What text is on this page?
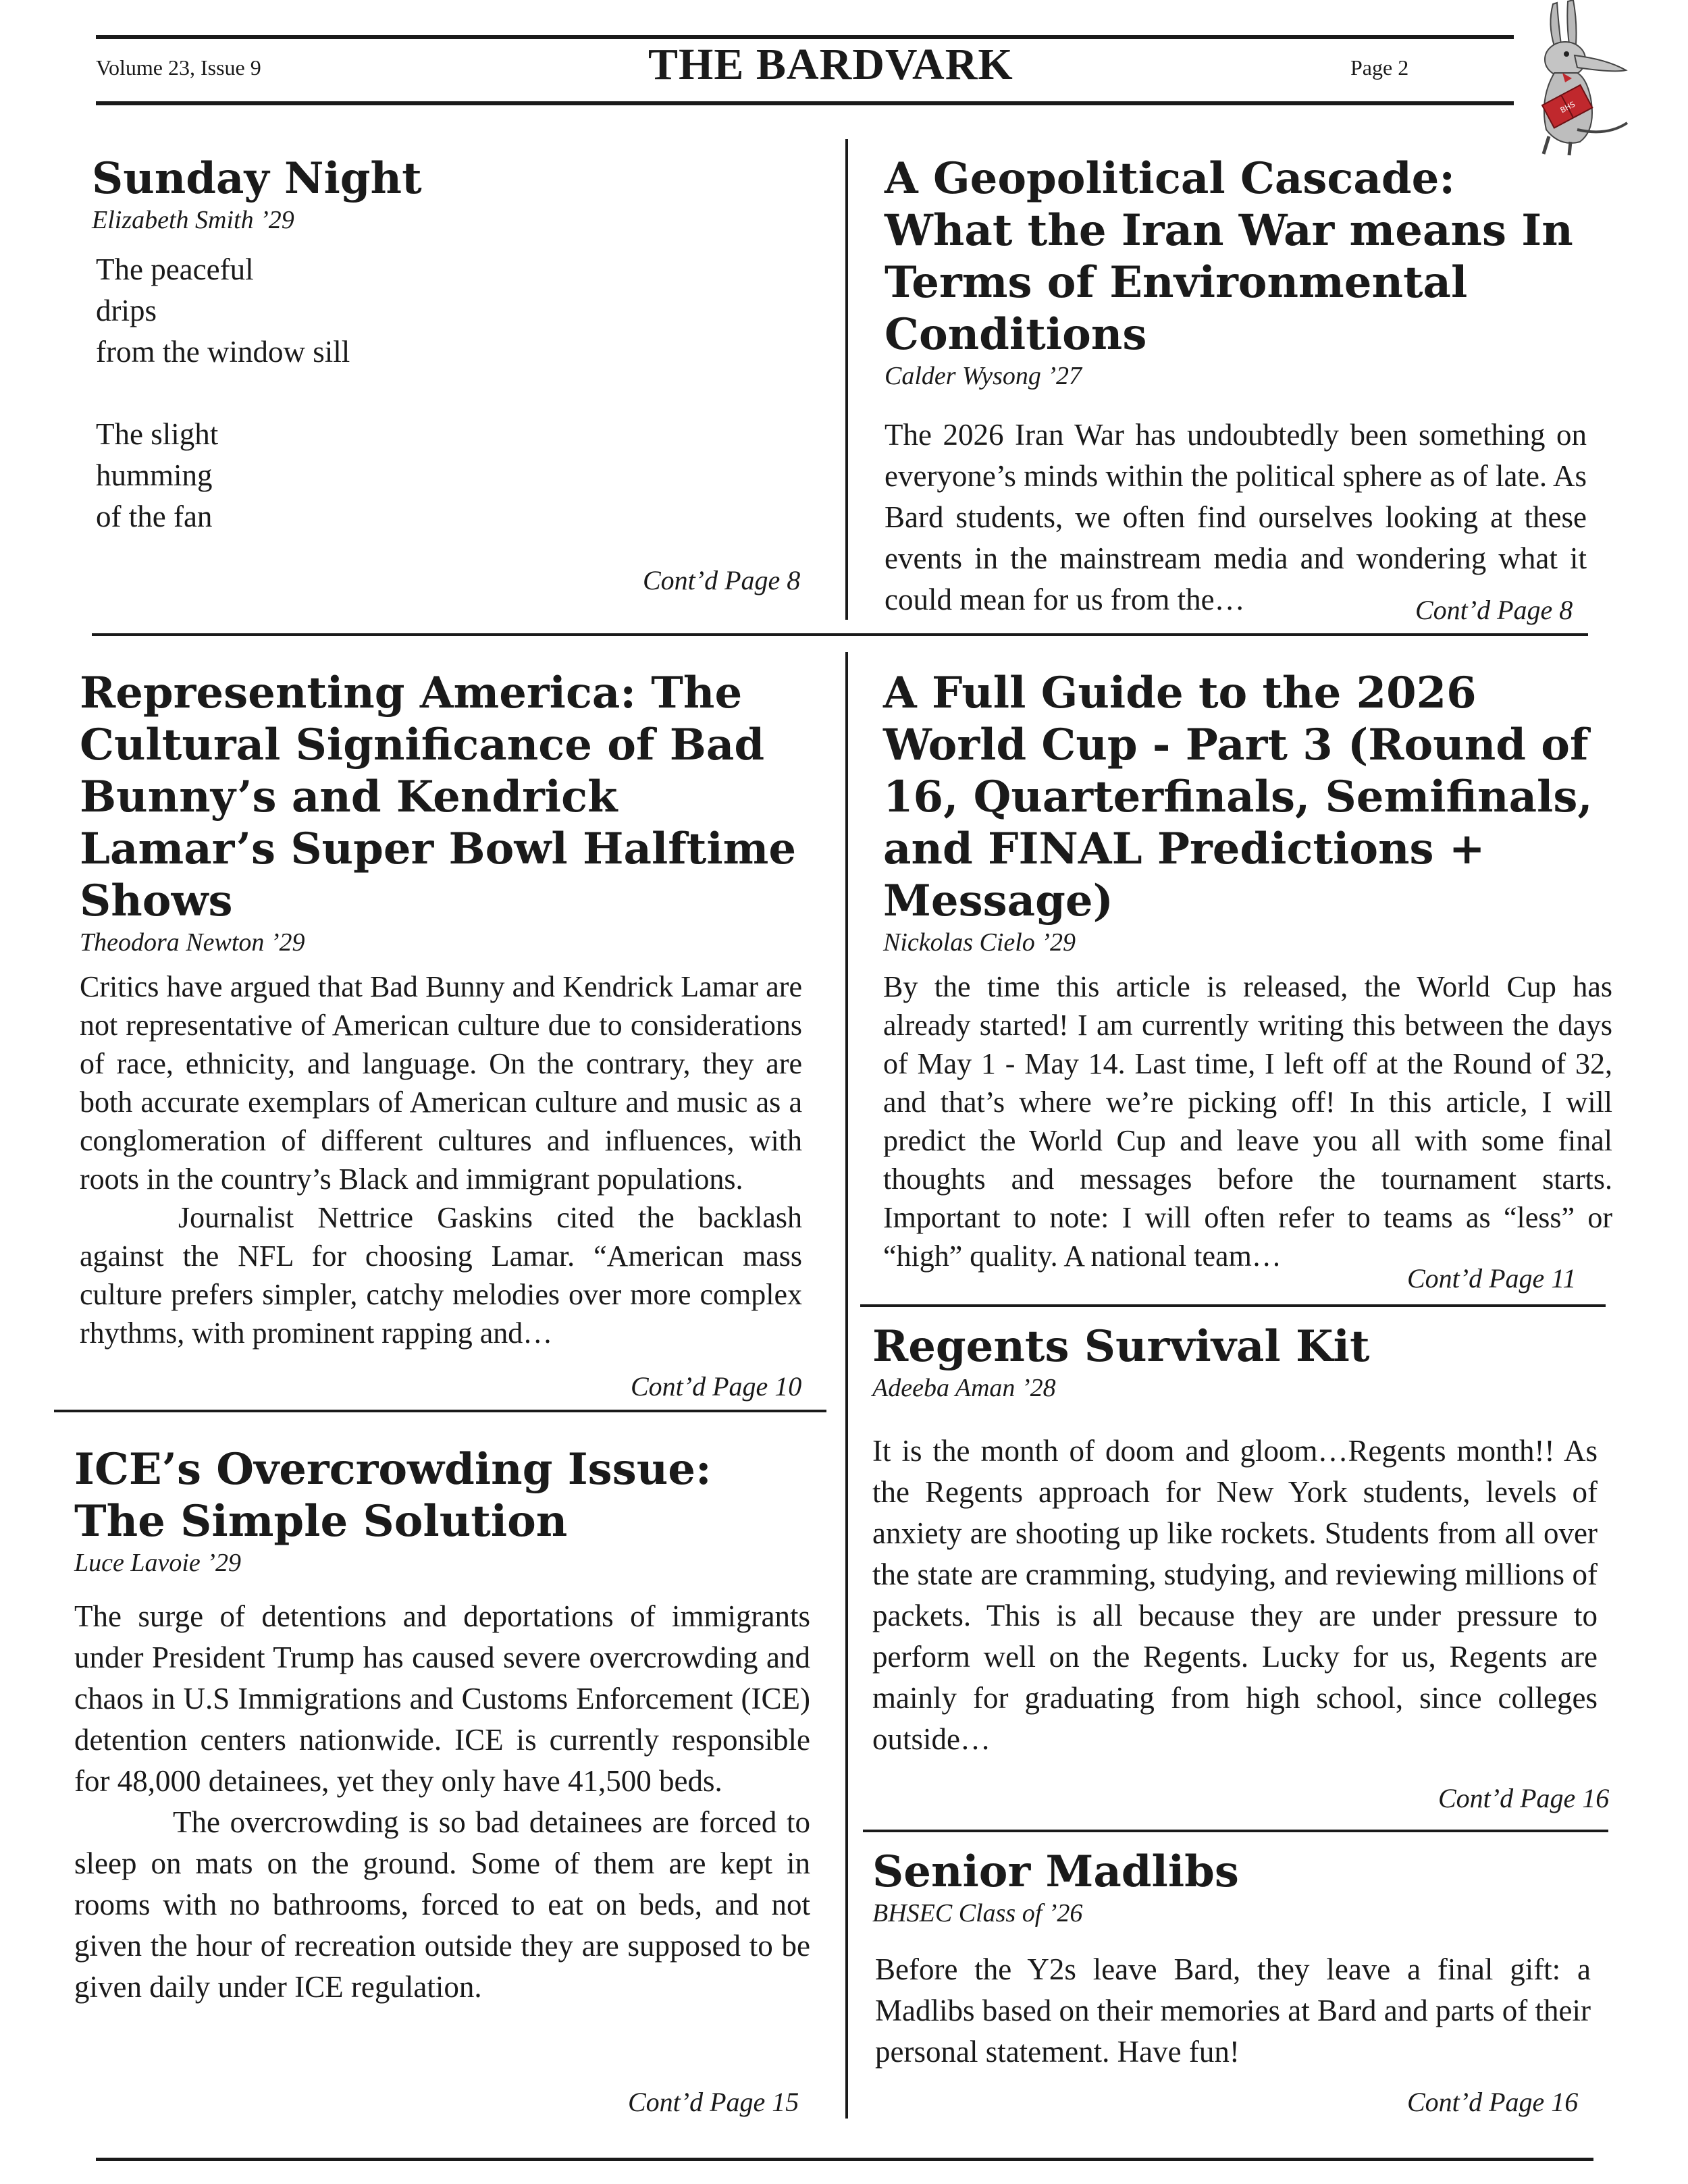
Volume 23, Issue 9	THE BARDVARK	Page 2
BHS
Sunday Night
Elizabeth Smith ’29

The peaceful

drips

from the window sill

The slight

humming

of the fan

Cont’d Page 8
A Geopolitical Cascade: What the Iran War means In Terms of Environmental Conditions
Calder Wysong ’27

The 2026 Iran War has undoubtedly been something on everyone’s minds within the political sphere as of late. As Bard students, we often find ourselves looking at these events in the mainstream media and wondering what it could mean for us from the…	Cont’d Page 8
Representing America: The Cultural Significance of Bad Bunny’s and Kendrick Lamar’s Super Bowl Halftime Shows
Theodora Newton ’29

Critics have argued that Bad Bunny and Kendrick Lamar are not representative of American culture due to considerations of race, ethnicity, and language. On the contrary, they are both accurate exemplars of American culture and music as a conglomeration of different cultures and influences, with roots in the country’s Black and immigrant populations.

Journalist Nettrice Gaskins cited the backlash against the NFL for choosing Lamar. “American mass culture prefers simpler, catchy melodies over more complex rhythms, with prominent rapping and…

Cont’d Page 10
A Full Guide to the 2026 World Cup - Part 3 (Round of 16, Quarterfinals, Semifinals, and FINAL Predictions + Message)
Nickolas Cielo ’29

By the time this article is released, the World Cup has already started! I am currently writing this between the days of May 1 - May 14. Last time, I left off at the Round of 32, and that’s where we’re picking off! In this article, I will predict the World Cup and leave you all with some final thoughts and messages before the tournament starts. Important to note: I will often refer to teams as “less” or “high” quality. A national team…

Cont’d Page 11
Regents Survival Kit
Adeeba Aman ’28

It is the month of doom and gloom…Regents month!! As the Regents approach for New York students, levels of anxiety are shooting up like rockets. Students from all over the state are cramming, studying, and reviewing millions of packets. This is all because they are under pressure to perform well on the Regents. Lucky for us, Regents are mainly for graduating from high school, since colleges outside…

Cont’d Page 16
ICE’s Overcrowding Issue: The Simple Solution
Luce Lavoie ’29

The surge of detentions and deportations of immigrants under President Trump has caused severe overcrowding and chaos in U.S Immigrations and Customs Enforcement (ICE) detention centers nationwide. ICE is currently responsible for 48,000 detainees, yet they only have 41,500 beds.

The overcrowding is so bad detainees are forced to sleep on mats on the ground. Some of them are kept in rooms with no bathrooms, forced to eat on beds, and not given the hour of recreation outside they are supposed to be given daily under ICE regulation.

Cont’d Page 15
Senior Madlibs
BHSEC Class of ’26

Before the Y2s leave Bard, they leave a final gift: a Madlibs based on their memories at Bard and parts of their personal statement. Have fun!

Cont’d Page 16
